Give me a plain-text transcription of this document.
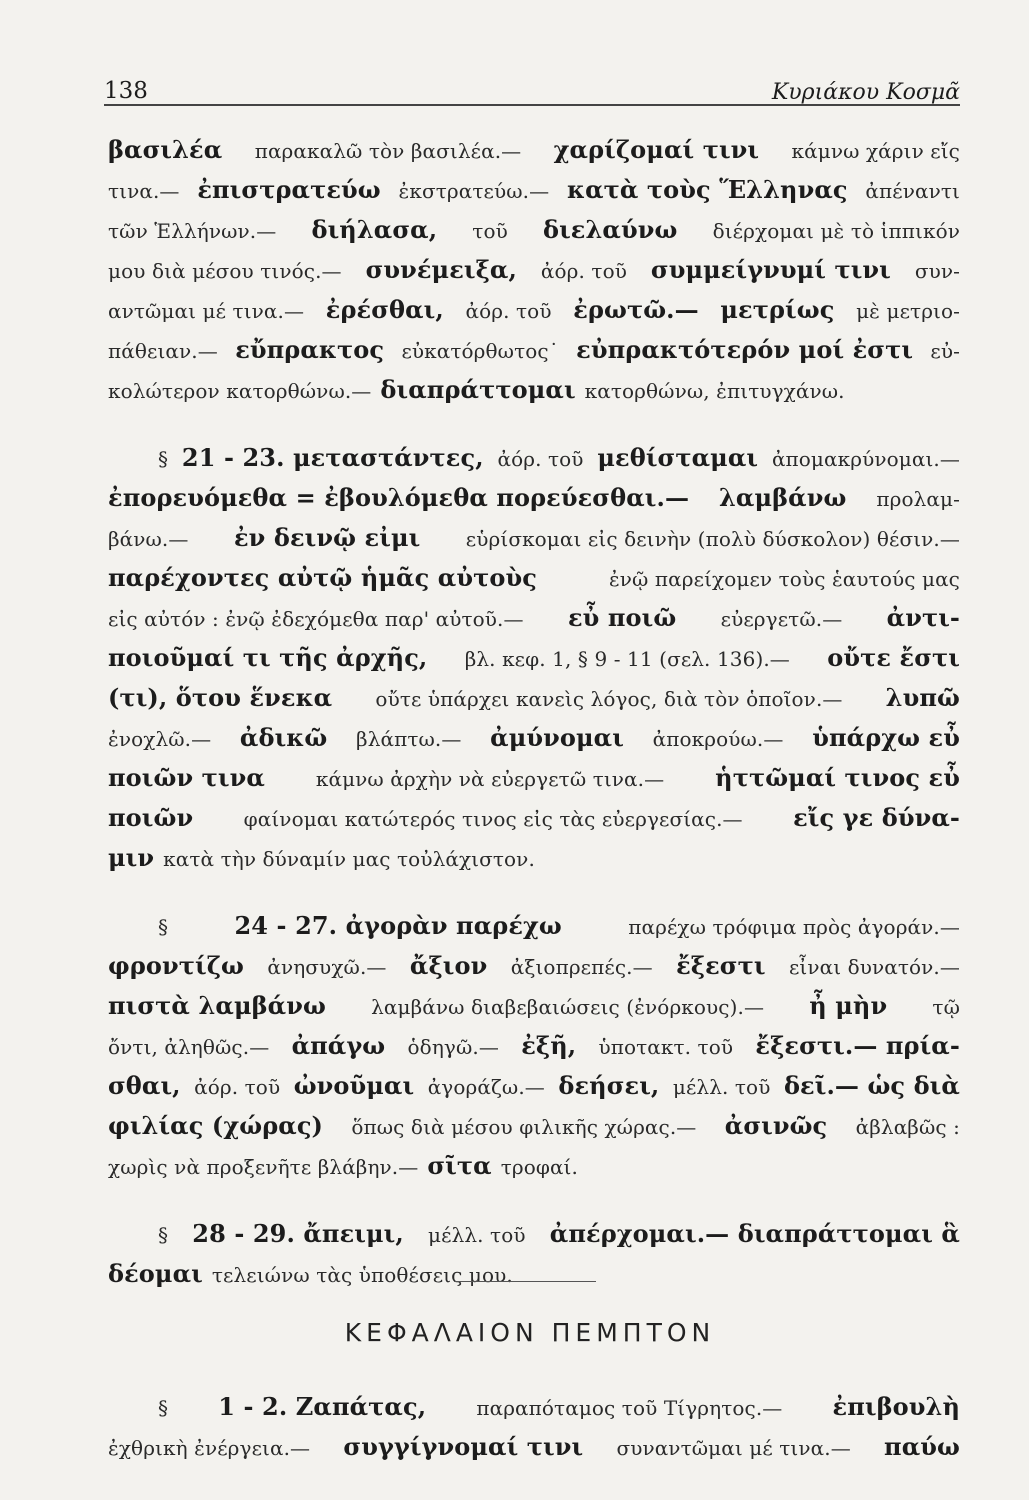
138	Κυριάκου Κοσμᾶ
βασιλέα παρακαλῶ τὸν βασιλέα.— χαρίζομαί τινι κάμνω χάριν εἴς
τινα.— ἐπιστρατεύω ἐκστρατεύω.— κατὰ τοὺς Ἕλληνας ἀπέναντι
τῶν Ἑλλήνων.— διήλασα, τοῦ διελαύνω διέρχομαι μὲ τὸ ἱππικόν
μου διὰ μέσου τινός.— συνέμειξα, ἀόρ. τοῦ συμμείγνυμί τινι συν-
αντῶμαι μέ τινα.— ἐρέσθαι, ἀόρ. τοῦ ἐρωτῶ.— μετρίως μὲ μετριο-
πάθειαν.— εὔπρακτος εὐκατόρθωτος˙ εὐπρακτότερόν μοί ἐστι εὐ-
κολώτερον κατορθώνω.— διαπράττομαι κατορθώνω, ἐπιτυγχάνω.
§ 21 - 23. μεταστάντες, ἀόρ. τοῦ μεθίσταμαι ἀπομακρύνομαι.—
ἐπορευόμεθα = ἐβουλόμεθα πορεύεσθαι.— λαμβάνω προλαμ-
βάνω.— ἐν δεινῷ εἰμι εὑρίσκομαι εἰς δεινὴν (πολὺ δύσκολον) θέσιν.—
παρέχοντες αὐτῷ ἡμᾶς αὐτοὺς	ἐνῷ παρείχομεν τοὺς ἑαυτούς μας
εἰς αὐτόν : ἐνῷ ἐδεχόμεθα παρ' αὐτοῦ.— εὖ ποιῶ εὐεργετῶ.— ἀντι-
ποιοῦμαί τι τῆς ἀρχῆς, βλ. κεφ. 1, § 9 - 11 (σελ. 136).— οὔτε ἔστι
(τι), ὅτου ἕνεκα οὔτε ὑπάρχει κανεὶς λόγος, διὰ τὸν ὁποῖον.— λυπῶ
ἐνοχλῶ.— ἀδικῶ βλάπτω.— ἀμύνομαι ἀποκρούω.— ὑπάρχω εὖ
ποιῶν τινα	κάμνω ἀρχὴν νὰ εὐεργετῶ τινα.— ἡττῶμαί τινος εὖ
ποιῶν	φαίνομαι κατώτερός τινος εἰς τὰς εὐεργεσίας.— εἴς γε δύνα-
μιν κατὰ τὴν δύναμίν μας τοὐλάχιστον.
§	24 - 27. ἀγορὰν παρέχω	παρέχω τρόφιμα πρὸς ἀγοράν.—
φροντίζω ἀνησυχῶ.— ἄξιον ἀξιοπρεπές.— ἔξεστι εἶναι δυνατόν.—
πιστὰ λαμβάνω λαμβάνω διαβεβαιώσεις (ἐνόρκους).— ἦ μὴν τῷ
ὄντι, ἀληθῶς.— ἀπάγω ὁδηγῶ.— ἐξῆ, ὑποτακτ. τοῦ ἔξεστι.— πρία-
σθαι, ἀόρ. τοῦ ὠνοῦμαι ἀγοράζω.— δεήσει, μέλλ. τοῦ δεῖ.— ὡς διὰ
φιλίας (χώρας) ὅπως διὰ μέσου φιλικῆς χώρας.— ἀσινῶς ἀβλαβῶς :
χωρὶς νὰ προξενῆτε βλάβην.— σῖτα τροφαί.
§ 28 - 29. ἄπειμι, μέλλ. τοῦ ἀπέρχομαι.— διαπράττομαι ἃ
δέομαι τελειώνω τὰς ὑποθέσεις μου.
ΚΕΦΑΛΑΙΟΝ ΠΕΜΠΤΟΝ
§ 1 - 2. Ζαπάτας,	παραπόταμος τοῦ Τίγρητος.— ἐπιβουλὴ
ἐχθρικὴ ἐνέργεια.— συγγίγνομαί τινι συναντῶμαι μέ τινα.— παύω
